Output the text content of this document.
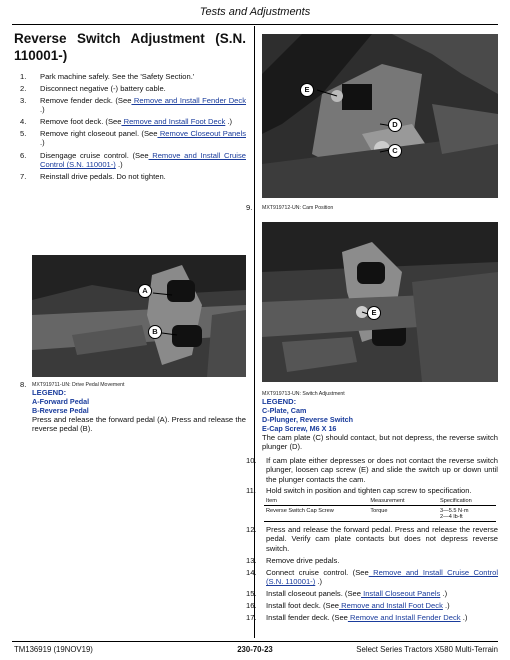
Tests and Adjustments
Reverse Switch Adjustment (S.N. 110001-)
1. Park machine safely. See the 'Safety Section.'
2. Disconnect negative (-) battery cable.
3. Remove fender deck. (See Remove and Install Fender Deck .)
4. Remove foot deck. (See Remove and Install Foot Deck .)
5. Remove right closeout panel. (See Remove Closeout Panels .)
6. Disengage cruise control. (See Remove and Install Cruise Control (S.N. 110001-) .)
7. Reinstall drive pedals. Do not tighten.
E
D
C
9. MXT919712-UN: Cam Position
A
B
8. MXT919711-UN: Drive Pedal Movement
LEGEND:
A-Forward Pedal
B-Reverse Pedal
Press and release the forward pedal (A). Press and release the reverse pedal (B).
E
MXT919713-UN: Switch Adjustment
LEGEND:
C-Plate, Cam
D-Plunger, Reverse Switch
E-Cap Screw, M6 X 16
The cam plate (C) should contact, but not depress, the reverse switch plunger (D).
10. If cam plate either depresses or does not contact the reverse switch plunger, loosen cap screw (E) and slide the switch up or down until the plunger contacts the cam.
11. Hold switch in position and tighten cap screw to specification.
Item	Measurement	Specification
Reverse Switch Cap Screw	Torque	3—5.5 N·m
2—4 lb-ft
12. Press and release the forward pedal. Press and release the reverse pedal. Verify cam plate contacts but does not depress reverse switch.
13. Remove drive pedals.
14. Connect cruise control. (See Remove and Install Cruise Control (S.N. 110001-) .)
15. Install closeout panels. (See Install Closeout Panels .)
16. Install foot deck. (See Remove and Install Foot Deck .)
17. Install fender deck. (See Remove and Install Fender Deck .)
TM136919 (19NOV19)	230-70-23	Select Series Tractors X580 Multi-Terrain
